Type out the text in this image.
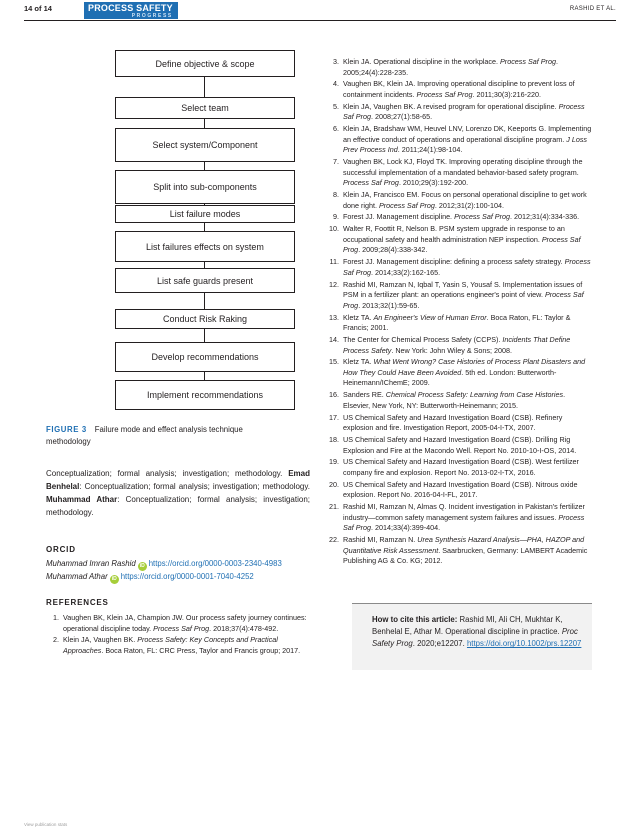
14 of 14	PROCESS SAFETY
PROGRESS
RASHID ET AL.
Define objective & scope
Select team
Select system/Component
Split into sub-components
List failure modes
List failures effects on system
List safe guards present
Conduct Risk Raking
Develop recommendations
Implement recommendations
FIGURE 3 Failure mode and effect analysis technique methodology
Conceptualization; formal analysis; investigation; methodology. Emad Benhelal: Conceptualization; formal analysis; investigation; methodology. Muhammad Athar: Conceptualization; formal analysis; investigation; methodology.
ORCID
Muhammad Imran Rashid iD https://orcid.org/0000-0003-2340-4983
Muhammad Athar iD https://orcid.org/0000-0001-7040-4252
REFERENCES
1. Vaughen BK, Klein JA, Champion JW. Our process safety journey continues: operational discipline today. Process Saf Prog. 2018;37(4):478-492.
2. Klein JA, Vaughen BK. Process Safety: Key Concepts and Practical Approaches. Boca Raton, FL: CRC Press, Taylor and Francis group; 2017.
3. Klein JA. Operational discipline in the workplace. Process Saf Prog. 2005;24(4):228-235.
4. Vaughen BK, Klein JA. Improving operational discipline to prevent loss of containment incidents. Process Saf Prog. 2011;30(3):216-220.
5. Klein JA, Vaughen BK. A revised program for operational discipline. Process Saf Prog. 2008;27(1):58-65.
6. Klein JA, Bradshaw WM, Heuvel LNV, Lorenzo DK, Keeports G. Implementing an effective conduct of operations and operational discipline program. J Loss Prev Process Ind. 2011;24(1):98-104.
7. Vaughen BK, Lock KJ, Floyd TK. Improving operating discipline through the successful implementation of a mandated behavior-based safety program. Process Saf Prog. 2010;29(3):192-200.
8. Klein JA, Francisco EM. Focus on personal operational discipline to get work done right. Process Saf Prog. 2012;31(2):100-104.
9. Forest JJ. Management discipline. Process Saf Prog. 2012;31(4):334-336.
10. Walter R, Foottit R, Nelson B. PSM system upgrade in response to an occupational safety and health administration NEP inspection. Process Saf Prog. 2009;28(4):338-342.
11. Forest JJ. Management discipline: defining a process safety strategy. Process Saf Prog. 2014;33(2):162-165.
12. Rashid MI, Ramzan N, Iqbal T, Yasin S, Yousaf S. Implementation issues of PSM in a fertilizer plant: an operations engineer's point of view. Process Saf Prog. 2013;32(1):59-65.
13. Kletz TA. An Engineer's View of Human Error. Boca Raton, FL: Taylor & Francis; 2001.
14. The Center for Chemical Process Safety (CCPS). Incidents That Define Process Safety. New York: John Wiley & Sons; 2008.
15. Kletz TA. What Went Wrong? Case Histories of Process Plant Disasters and How They Could Have Been Avoided. 5th ed. London: Butterworth-Heinemann/IChemE; 2009.
16. Sanders RE. Chemical Process Safety: Learning from Case Histories. Elsevier, New York, NY: Butterworth-Heinemann; 2015.
17. US Chemical Safety and Hazard Investigation Board (CSB). Refinery explosion and fire. Investigation Report, 2005-04-I-TX, 2007.
18. US Chemical Safety and Hazard Investigation Board (CSB). Drilling Rig Explosion and Fire at the Macondo Well. Report No. 2010-10-I-OS, 2014.
19. US Chemical Safety and Hazard Investigation Board (CSB). West fertilizer company fire and explosion. Report No. 2013-02-I-TX, 2016.
20. US Chemical Safety and Hazard Investigation Board (CSB). Nitrous oxide explosion. Report No. 2016-04-I-FL, 2017.
21. Rashid MI, Ramzan N, Almas Q. Incident investigation in Pakistan's fertilizer industry—common safety management system failures and issues. Process Saf Prog. 2014;33(4):399-404.
22. Rashid MI, Ramzan N. Urea Synthesis Hazard Analysis—PHA, HAZOP and Quantitative Risk Assessment. Saarbrucken, Germany: LAMBERT Academic Publishing AG & Co. KG; 2012.
How to cite this article: Rashid MI, Ali CH, Mukhtar K, Benhelal E, Athar M. Operational discipline in practice. Proc Safety Prog. 2020;e12207. https://doi.org/10.1002/prs.12207
View publication stats
